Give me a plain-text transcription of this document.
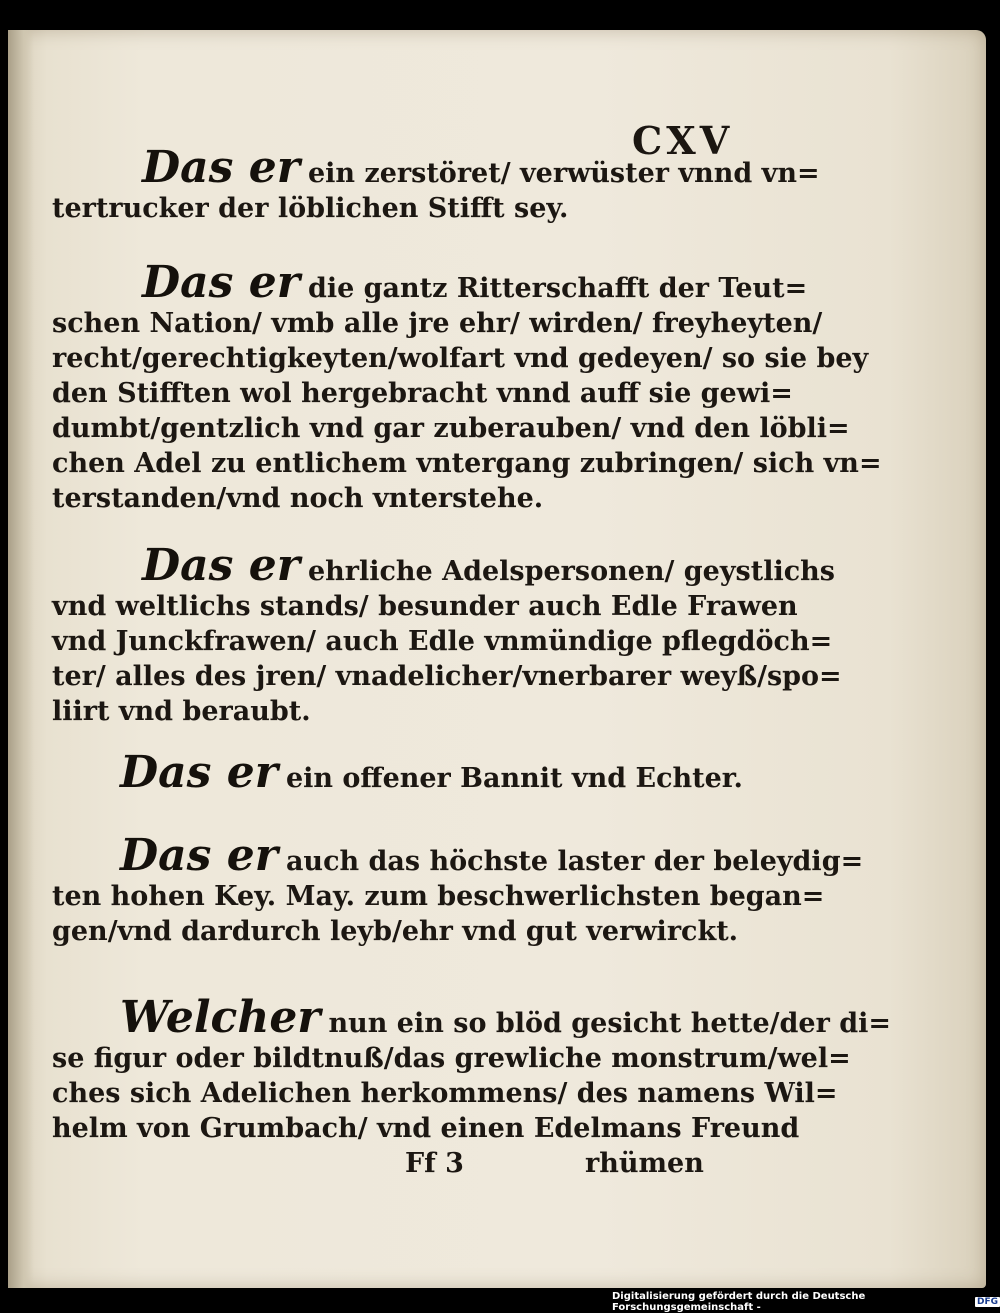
CXV
Das er ein zerstöret/ verwüster vnnd vn=
tertrucker der löblichen Stifft sey.
Das er die gantz Ritterschafft der Teut=
schen Nation/ vmb alle jre ehr/ wirden/ freyheyten/
recht/gerechtigkeyten/wolfart vnd gedeyen/ so sie bey
den Stifften wol hergebracht vnnd auff sie gewi=
dumbt/gentzlich vnd gar zuberauben/ vnd den löbli=
chen Adel zu entlichem vntergang zubringen/ sich vn=
terstanden/vnd noch vnterstehe.
Das er ehrliche Adelspersonen/ geystlichs
vnd weltlichs stands/ besunder auch Edle Frawen
vnd Junckfrawen/ auch Edle vnmündige pflegdöch=
ter/ alles des jren/ vnadelicher/vnerbarer weyß/spo=
liirt vnd beraubt.
Das er ein offener Bannit vnd Echter.
Das er auch das höchste laster der beleydig=
ten hohen Key. May. zum beschwerlichsten began=
gen/vnd dardurch leyb/ehr vnd gut verwirckt.
Welcher nun ein so blöd gesicht hette/der di=
se figur oder bildtnuß/das grewliche monstrum/wel=
ches sich Adelichen herkommens/ des namens Wil=
helm von Grumbach/ vnd einen Edelmans Freund
Ff 3	rhümen
Digitalisierung gefördert durch die Deutsche Forschungsgemeinschaft -	DFG
